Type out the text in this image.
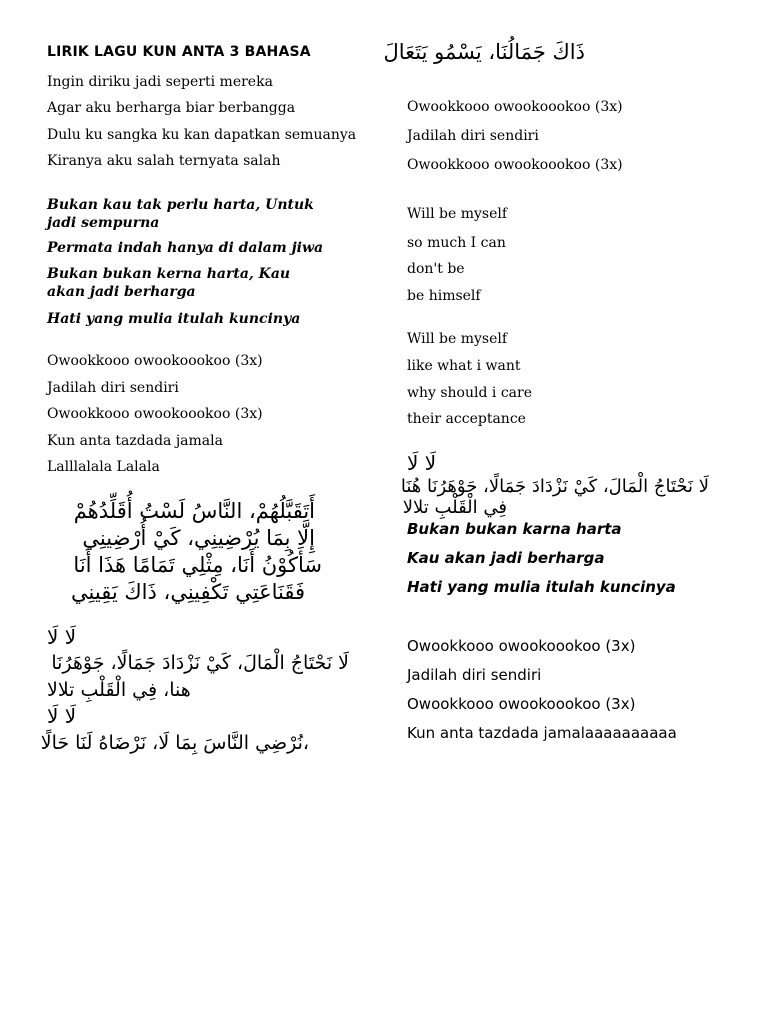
LIRIK LAGU KUN ANTA 3 BAHASA
Ingin diriku jadi seperti mereka
Agar aku berharga biar berbangga
Dulu ku sangka ku kan dapatkan semuanya
Kiranya aku salah ternyata salah
Bukan kau tak perlu harta, Untuk jadi sempurna
Permata indah hanya di dalam jiwa
Bukan bukan kerna harta, Kau akan jadi berharga
Hati yang mulia itulah kuncinya
Owookkooo owookoookoo (3x)
Jadilah diri sendiri
Owookkooo owookoookoo (3x)
Kun anta tazdada jamala
Lalllalala Lalala
أَتَقَبَّلُهُمْ، النَّاسُ لَسْتُ أُقَلِّدُهُمْ
إِلَّا بِمَا يُرْضِينِي، كَيْ أُرْضِينِي
سَأَكُوْنُ أَنَا، مِثْلِي تَمَامًا هَذَا أَنَا
فَقَنَاعَتِي تَكْفِينِي، ذَاكَ يَقِينِي
لَا لَا
لَا نَحْتَاجُ الْمَالَ، كَيْ نَزْدَادَ جَمَالًا، جَوْهَرُنَا
هنا، فِي الْقَلْبِ تلالا
لَا لَا
،نُرْضِي النَّاسَ بِمَا لَا، نَرْضَاهُ لَنَا حَالًا
ذَاكَ جَمَالُنَا، يَسْمُو يَتَعَالَ
Owookkooo owookoookoo (3x)
Jadilah diri sendiri
Owookkooo owookoookoo (3x)
Will be myself
so much I can
don't be
be himself
Will be myself
like what i want
why should i care
their acceptance
لَا لَا
لَا نَحْتَاجُ الْمَالَ، كَيْ نَزْدَادَ جَمَالًا، جَوْهَرُنَا هُنَا
فِي الْقَلْبِ تلالا
Bukan bukan karna harta
Kau akan jadi berharga
Hati yang mulia itulah kuncinya
Owookkooo owookoookoo (3x)
Jadilah diri sendiri
Owookkooo owookoookoo (3x)
Kun anta tazdada jamalaaaaaaaaaa
